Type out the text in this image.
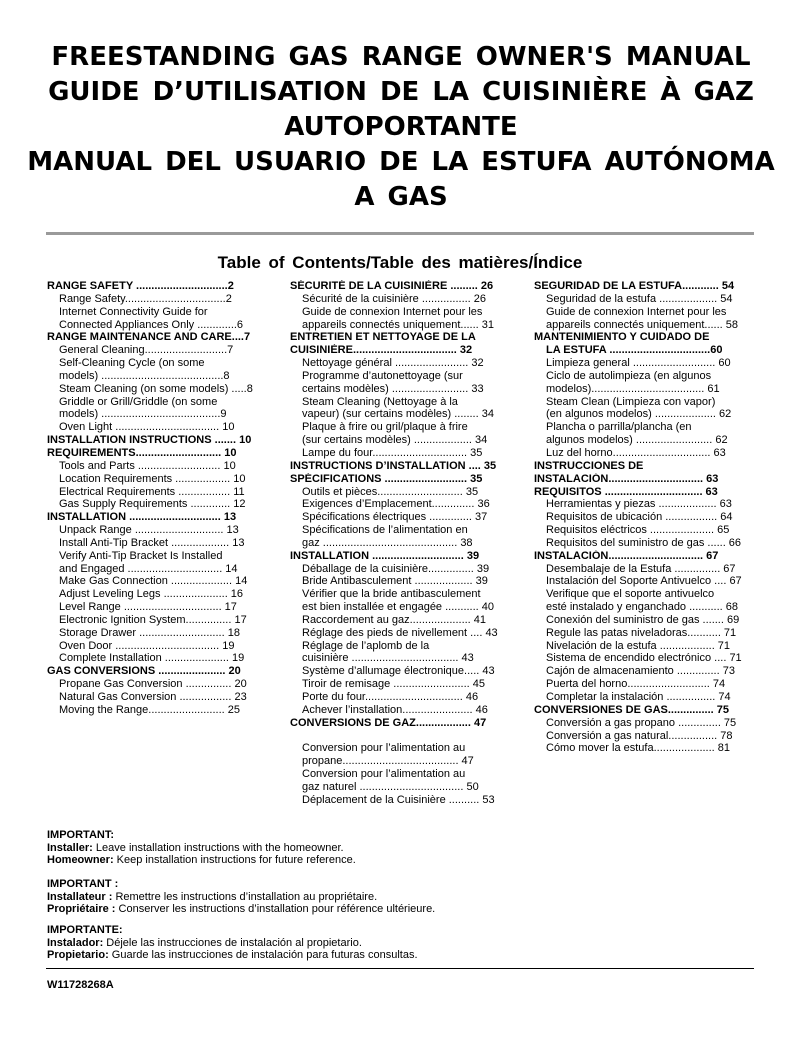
FREESTANDING GAS RANGE OWNER'S MANUAL
GUIDE D’UTILISATION DE LA CUISINIÈRE À GAZ
AUTOPORTANTE
MANUAL DEL USUARIO DE LA ESTUFA AUTÓNOMA
A GAS
Table of Contents/Table des matières/Índice
RANGE SAFETY ..............................2
Range Safety.................................2
Internet Connectivity Guide for
Connected Appliances Only .............6
RANGE MAINTENANCE AND CARE....7
General Cleaning...........................7
Self-Cleaning Cycle (on some
models) ........................................8
Steam Cleaning (on some models) .....8
Griddle or Grill/Griddle (on some
models) .......................................9
Oven Light .................................. 10
INSTALLATION INSTRUCTIONS ....... 10
REQUIREMENTS............................ 10
Tools and Parts ........................... 10
Location Requirements .................. 10
Electrical Requirements ................. 11
Gas Supply Requirements ............. 12
INSTALLATION .............................. 13
Unpack Range ............................. 13
Install Anti-Tip Bracket ................... 13
Verify Anti-Tip Bracket Is Installed
and Engaged ............................... 14
Make Gas Connection .................... 14
Adjust Leveling Legs ..................... 16
Level Range ................................ 17
Electronic Ignition System............... 17
Storage Drawer ............................ 18
Oven Door .................................. 19
Complete Installation ..................... 19
GAS CONVERSIONS ...................... 20
Propane Gas Conversion ............... 20
Natural Gas Conversion ................. 23
Moving the Range......................... 25
SÉCURITÉ DE LA CUISINIÈRE ......... 26
Sécurité de la cuisinière ................ 26
Guide de connexion Internet pour les
appareils connectés uniquement...... 31
ENTRETIEN ET NETTOYAGE DE LA
CUISINIÈRE.................................. 32
Nettoyage général ........................ 32
Programme d’autonettoyage (sur
certains modèles) ......................... 33
Steam Cleaning (Nettoyage à la
vapeur) (sur certains modèles) ........ 34
Plaque à frire ou gril/plaque à frire
(sur certains modèles) ................... 34
Lampe du four............................... 35
INSTRUCTIONS D’INSTALLATION .... 35
SPÉCIFICATIONS ........................... 35
Outils et pièces............................ 35
Exigences d’Emplacement.............. 36
Spécifications électriques .............. 37
Spécifications de l’alimentation en
gaz ............................................ 38
INSTALLATION .............................. 39
Déballage de la cuisinière............... 39
Bride Antibasculement ................... 39
Vérifier que la bride antibasculement
est bien installée et engagée ........... 40
Raccordement au gaz.................... 41
Réglage des pieds de nivellement .... 43
Réglage de l’aplomb de la
cuisinière ................................... 43
Système d’allumage électronique..... 43
Tiroir de remisage ......................... 45
Porte du four................................ 46
Achever l’installation....................... 46
CONVERSIONS DE GAZ.................. 47

Conversion pour l’alimentation au
propane...................................... 47
Conversion pour l’alimentation au
gaz naturel .................................. 50
Déplacement de la Cuisinière .......... 53
SEGURIDAD DE LA ESTUFA............ 54
Seguridad de la estufa ................... 54
Guide de connexion Internet pour les
appareils connectés uniquement...... 58
MANTENIMIENTO Y CUIDADO DE
LA ESTUFA .................................60
Limpieza general ........................... 60
Ciclo de autolimpieza (en algunos
modelos)..................................... 61
Steam Clean (Limpieza con vapor)
(en algunos modelos) .................... 62
Plancha o parrilla/plancha (en
algunos modelos) ......................... 62
Luz del horno................................ 63
INSTRUCCIONES DE
INSTALACIÓN............................... 63
REQUISITOS ................................ 63
Herramientas y piezas ................... 63
Requisitos de ubicación ................. 64
Requisitos eléctricos ..................... 65
Requisitos del suministro de gas ...... 66
INSTALACIÓN............................... 67
Desembalaje de la Estufa ............... 67
Instalación del Soporte Antivuelco .... 67
Verifique que el soporte antivuelco
esté instalado y enganchado ........... 68
Conexión del suministro de gas ....... 69
Regule las patas niveladoras........... 71
Nivelación de la estufa .................. 71
Sistema de encendido electrónico .... 71
Cajón de almacenamiento .............. 73
Puerta del horno........................... 74
Completar la instalación ................ 74
CONVERSIONES DE GAS............... 75
Conversión a gas propano .............. 75
Conversión a gas natural................ 78
Cómo mover la estufa.................... 81
IMPORTANT:
Installer: Leave installation instructions with the homeowner.
Homeowner: Keep installation instructions for future reference.
IMPORTANT :
Installateur : Remettre les instructions d’installation au propriétaire.
Propriétaire : Conserver les instructions d’installation pour référence ultérieure.
IMPORTANTE:
Instalador: Déjele las instrucciones de instalación al propietario.
Propietario: Guarde las instrucciones de instalación para futuras consultas.
W11728268A
